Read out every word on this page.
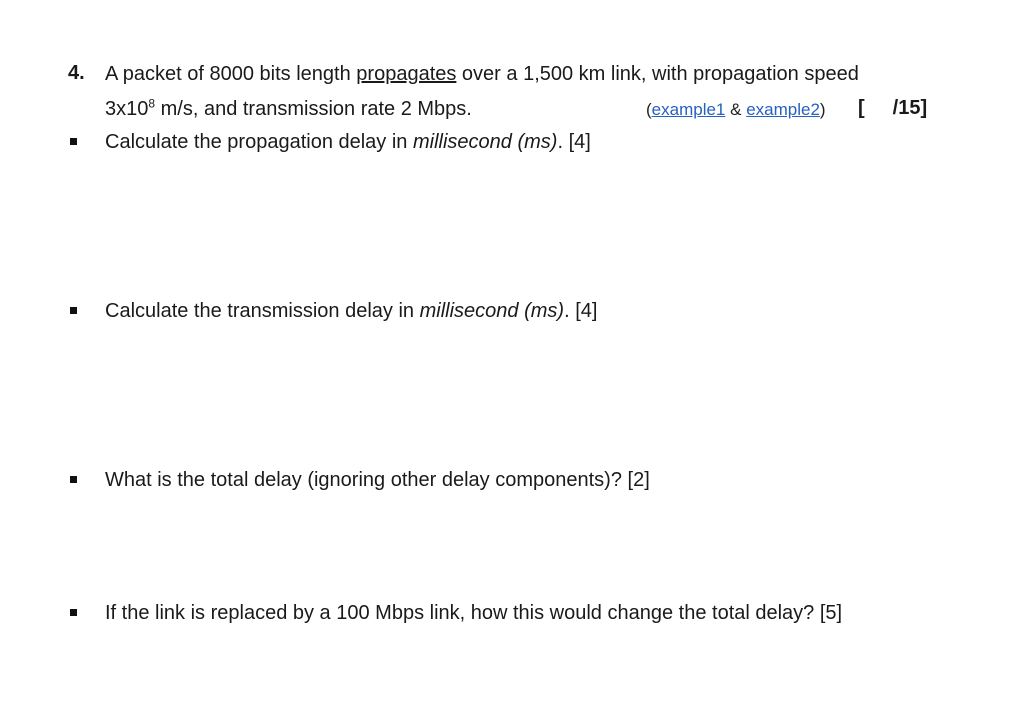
4. A packet of 8000 bits length propagates over a 1,500 km link, with propagation speed
$3x10^8$ m/s, and transmission rate 2 Mbps.	(example1 & example2) [ /15]
Calculate the propagation delay in millisecond (ms). [4]
Calculate the transmission delay in millisecond (ms). [4]
What is the total delay (ignoring other delay components)? [2]
If the link is replaced by a 100 Mbps link, how this would change the total delay? [5]
